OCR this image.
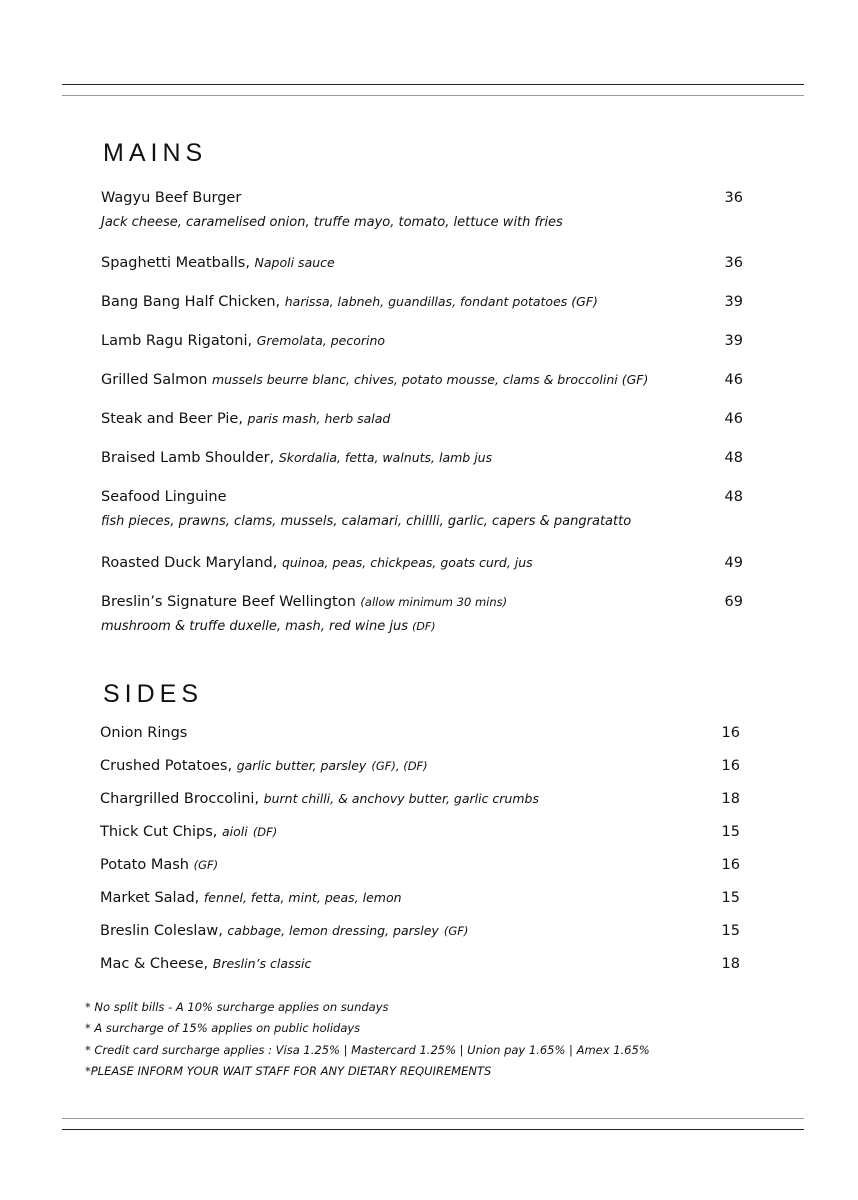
MAINS
Wagyu Beef Burger	36
Jack cheese, caramelised onion, truffe mayo, tomato, lettuce with fries
Spaghetti Meatballs, Napoli sauce	36
Bang Bang Half Chicken, harissa, labneh, guandillas, fondant potatoes (GF)	39
Lamb Ragu Rigatoni, Gremolata, pecorino	39
Grilled Salmon mussels beurre blanc, chives, potato mousse, clams & broccolini (GF)	46
Steak and Beer Pie, paris mash, herb salad	46
Braised Lamb Shoulder, Skordalia, fetta, walnuts, lamb jus	48
Seafood Linguine	48
fish pieces, prawns, clams, mussels, calamari, chillli, garlic, capers & pangratatto
Roasted Duck Maryland, quinoa, peas, chickpeas, goats curd, jus	49
Breslin’s Signature Beef Wellington (allow minimum 30 mins)	69
mushroom & truffe duxelle, mash, red wine jus (DF)
SIDES
Onion Rings	16
Crushed Potatoes, garlic butter, parsley (GF), (DF)	16
Chargrilled Broccolini, burnt chilli, & anchovy butter, garlic crumbs	18
Thick Cut Chips, aioli (DF)	15
Potato Mash (GF)	16
Market Salad, fennel, fetta, mint, peas, lemon	15
Breslin Coleslaw, cabbage, lemon dressing, parsley (GF)	15
Mac & Cheese, Breslin’s classic	18
* No split bills - A 10% surcharge applies on sundays
* A surcharge of 15% applies on public holidays
* Credit card surcharge applies : Visa 1.25% | Mastercard 1.25% | Union pay 1.65% | Amex 1.65%
*PLEASE INFORM YOUR WAIT STAFF FOR ANY DIETARY REQUIREMENTS
